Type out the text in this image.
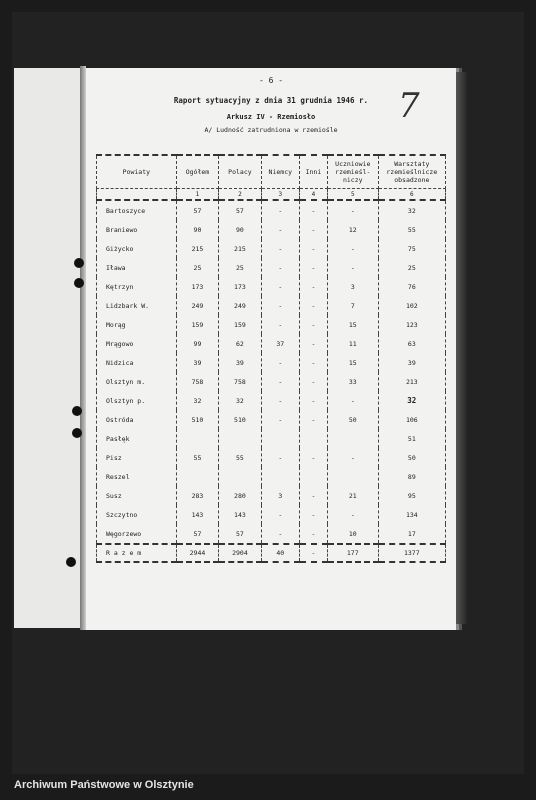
- 6 -
7
Raport sytuacyjny z dnia 31 grudnia 1946 r.
Arkusz IV - Rzemiosło
A/ Ludność zatrudniona w rzemiośle
Powiaty	Ogółem	Polacy	Niemcy	Inni	Uczniowie rzemieśl-niczy	Warsztaty rzemieślnicze obsadzone
	1	2	3	4	5	6
Bartoszyce	57	57	-	-	-	32
Braniewo	90	90	-	-	12	55
Giżycko	215	215	-	-	-	75
Iława	25	25	-	-	-	25
Kętrzyn	173	173	-	-	3	76
Lidzbark W.	249	249	-	-	7	102
Morąg	159	159	-	-	15	123
Mrągowo	99	62	37	-	11	63
Nidzica	39	39	-	-	15	39
Olsztyn m.	758	758	-	-	33	213
Olsztyn p.	32	32	-	-	-	32
Ostróda	510	510	-	-	50	106
Pasłęk						51
Pisz	55	55	-	-	-	50
Reszel						89
Susz	283	280	3	-	21	95
Szczytno	143	143	-	-	-	134
Węgorzewo	57	57	-	-	10	17
R a z e m	2944	2904	40	-	177	1377
Archiwum Państwowe w Olsztynie
